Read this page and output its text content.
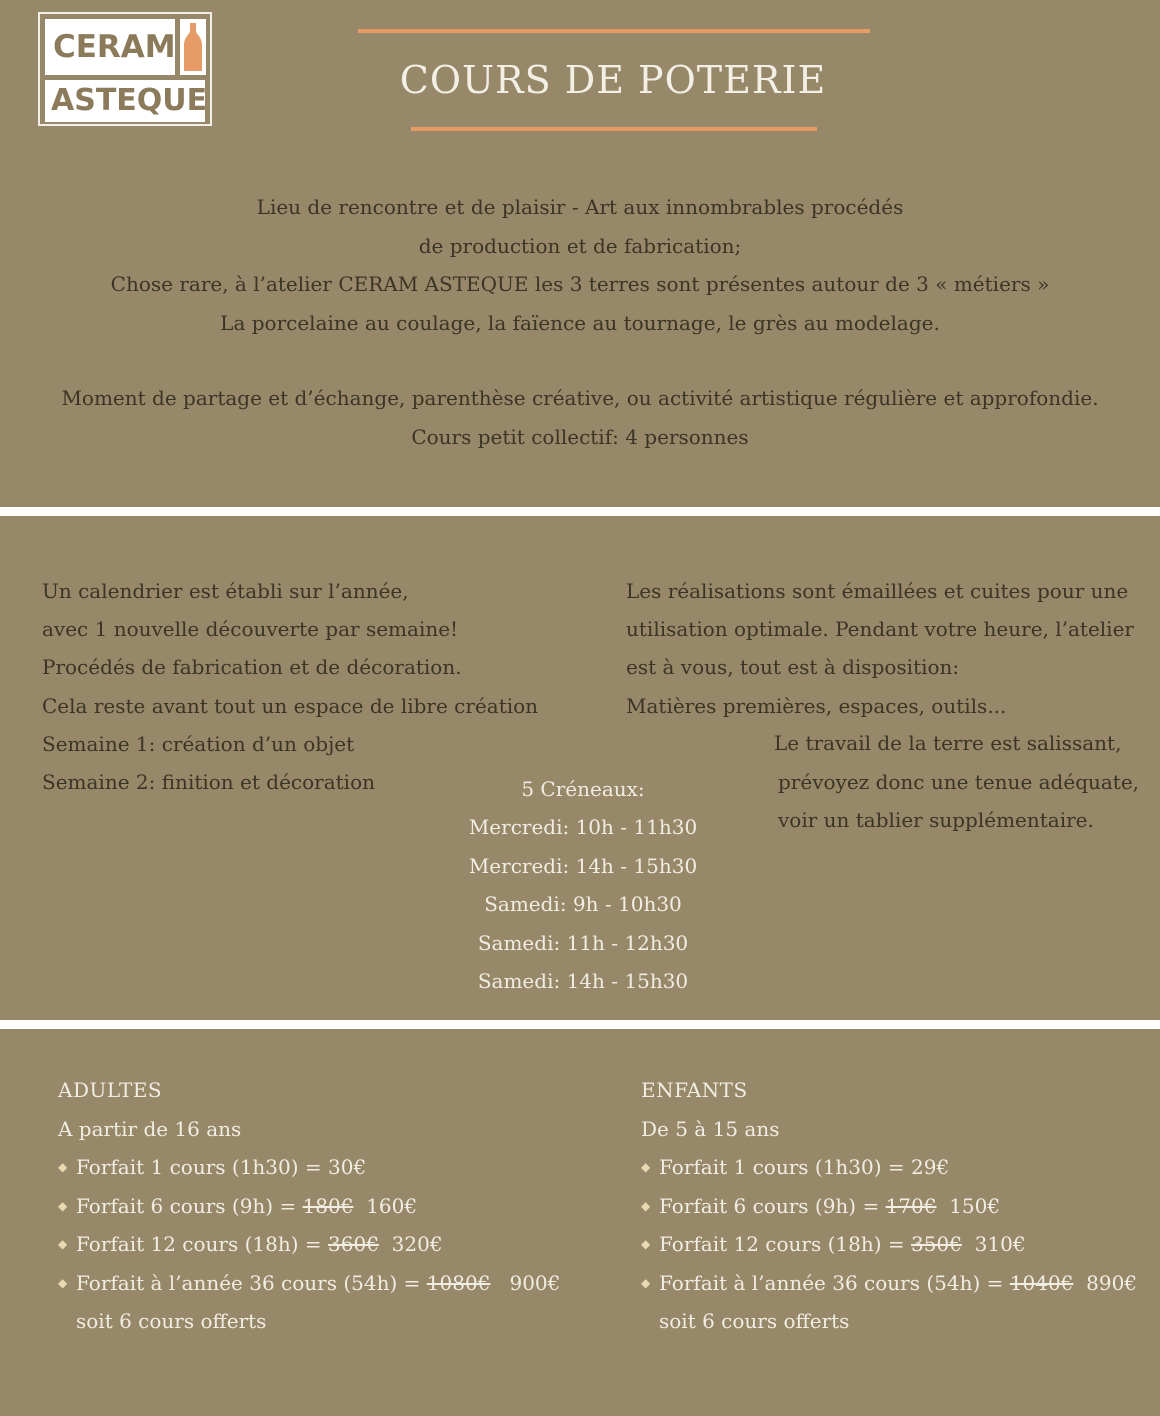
CERAM
ASTEQUE	COURS DE POTERIE
Lieu de rencontre et de plaisir - Art aux innombrables procédés
de production et de fabrication;
Chose rare, à l’atelier CERAM ASTEQUE les 3 terres sont présentes autour de 3 « métiers »
La porcelaine au coulage, la faïence au tournage, le grès au modelage.
Moment de partage et d’échange, parenthèse créative, ou activité artistique régulière et approfondie.
Cours petit collectif: 4 personnes
Un calendrier est établi sur l’année,
avec 1 nouvelle découverte par semaine!
Procédés de fabrication et de décoration.
Cela reste avant tout un espace de libre création
Semaine 1: création d’un objet
Semaine 2: finition et décoration
Les réalisations sont émaillées et cuites pour une
utilisation optimale. Pendant votre heure, l’atelier
est à vous, tout est à disposition:
Matières premières, espaces, outils...
Le travail de la terre est salissant,
prévoyez donc une tenue adéquate,
voir un tablier supplémentaire.
5 Créneaux:
Mercredi: 10h - 11h30
Mercredi: 14h - 15h30
Samedi: 9h - 10h30
Samedi: 11h - 12h30
Samedi: 14h - 15h30
ADULTES
A partir de 16 ans
◆ Forfait 1 cours (1h30) = 30€
◆ Forfait 6 cours (9h) = 180€ 160€
◆ Forfait 12 cours (18h) = 360€ 320€
◆ Forfait à l’année 36 cours (54h) = 1080€ 900€
soit 6 cours offerts
ENFANTS
De 5 à 15 ans
◆ Forfait 1 cours (1h30) = 29€
◆ Forfait 6 cours (9h) = 170€ 150€
◆ Forfait 12 cours (18h) = 350€ 310€
◆ Forfait à l’année 36 cours (54h) = 1040€ 890€
soit 6 cours offerts
